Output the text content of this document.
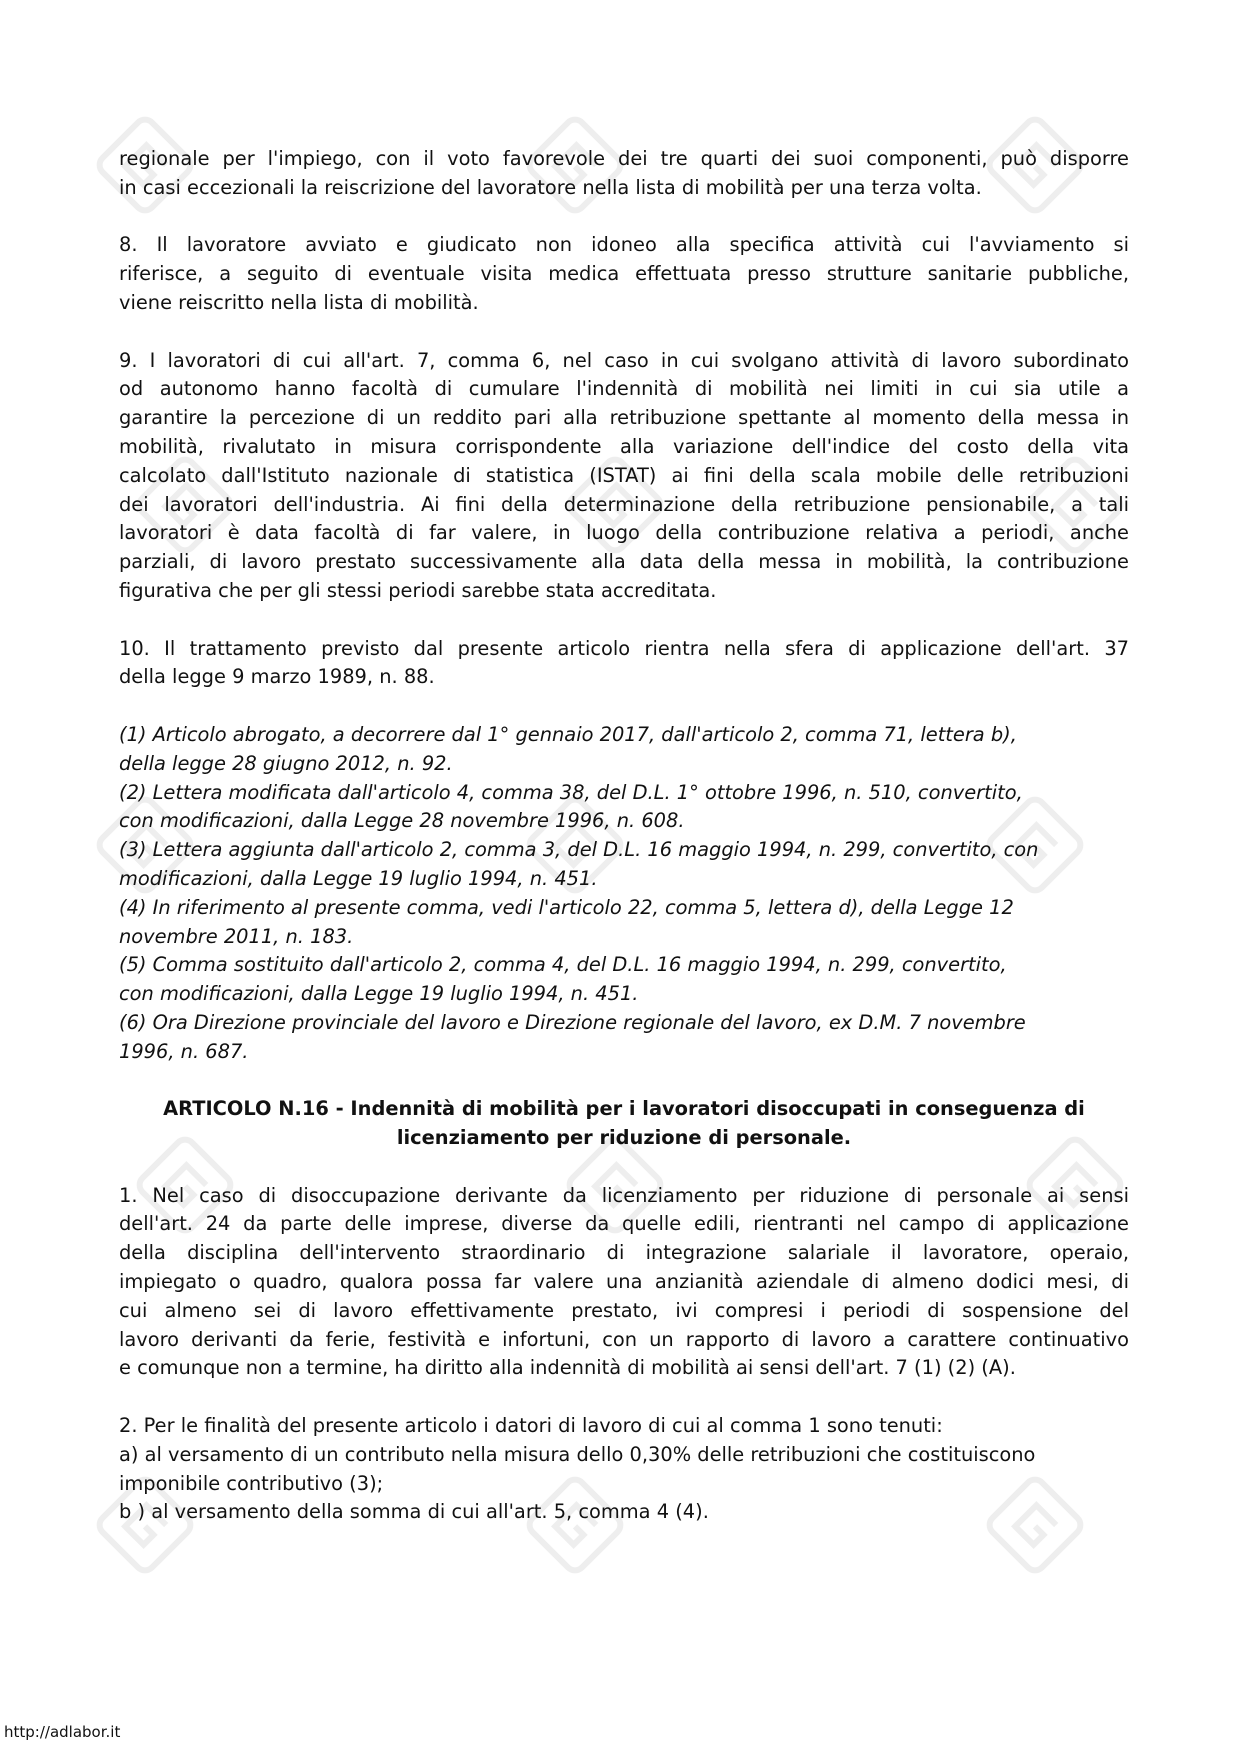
regionale per l'impiego, con il voto favorevole dei tre quarti dei suoi componenti, può disporre
in casi eccezionali la reiscrizione del lavoratore nella lista di mobilità per una terza volta.
8. Il lavoratore avviato e giudicato non idoneo alla specifica attività cui l'avviamento si
riferisce, a seguito di eventuale visita medica effettuata presso strutture sanitarie pubbliche,
viene reiscritto nella lista di mobilità.
9. I lavoratori di cui all'art. 7, comma 6, nel caso in cui svolgano attività di lavoro subordinato
od autonomo hanno facoltà di cumulare l'indennità di mobilità nei limiti in cui sia utile a
garantire la percezione di un reddito pari alla retribuzione spettante al momento della messa in
mobilità, rivalutato in misura corrispondente alla variazione dell'indice del costo della vita
calcolato dall'Istituto nazionale di statistica (ISTAT) ai fini della scala mobile delle retribuzioni
dei lavoratori dell'industria. Ai fini della determinazione della retribuzione pensionabile, a tali
lavoratori è data facoltà di far valere, in luogo della contribuzione relativa a periodi, anche
parziali, di lavoro prestato successivamente alla data della messa in mobilità, la contribuzione
figurativa che per gli stessi periodi sarebbe stata accreditata.
10. Il trattamento previsto dal presente articolo rientra nella sfera di applicazione dell'art. 37
della legge 9 marzo 1989, n. 88.
(1) Articolo abrogato, a decorrere dal 1° gennaio 2017, dall'articolo 2, comma 71, lettera b),
della legge 28 giugno 2012, n. 92.
(2) Lettera modificata dall'articolo 4, comma 38, del D.L. 1° ottobre 1996, n. 510, convertito,
con modificazioni, dalla Legge 28 novembre 1996, n. 608.
(3) Lettera aggiunta dall'articolo 2, comma 3, del D.L. 16 maggio 1994, n. 299, convertito, con
modificazioni, dalla Legge 19 luglio 1994, n. 451.
(4) In riferimento al presente comma, vedi l'articolo 22, comma 5, lettera d), della Legge 12
novembre 2011, n. 183.
(5) Comma sostituito dall'articolo 2, comma 4, del D.L. 16 maggio 1994, n. 299, convertito,
con modificazioni, dalla Legge 19 luglio 1994, n. 451.
(6) Ora Direzione provinciale del lavoro e Direzione regionale del lavoro, ex D.M. 7 novembre
1996, n. 687.
ARTICOLO N.16 - Indennità di mobilità per i lavoratori disoccupati in conseguenza di
licenziamento per riduzione di personale.
1. Nel caso di disoccupazione derivante da licenziamento per riduzione di personale ai sensi
dell'art. 24 da parte delle imprese, diverse da quelle edili, rientranti nel campo di applicazione
della disciplina dell'intervento straordinario di integrazione salariale il lavoratore, operaio,
impiegato o quadro, qualora possa far valere una anzianità aziendale di almeno dodici mesi, di
cui almeno sei di lavoro effettivamente prestato, ivi compresi i periodi di sospensione del
lavoro derivanti da ferie, festività e infortuni, con un rapporto di lavoro a carattere continuativo
e comunque non a termine, ha diritto alla indennità di mobilità ai sensi dell'art. 7 (1) (2) (A).
2. Per le finalità del presente articolo i datori di lavoro di cui al comma 1 sono tenuti:
a) al versamento di un contributo nella misura dello 0,30% delle retribuzioni che costituiscono
imponibile contributivo (3);
b ) al versamento della somma di cui all'art. 5, comma 4 (4).
http://adlabor.it
